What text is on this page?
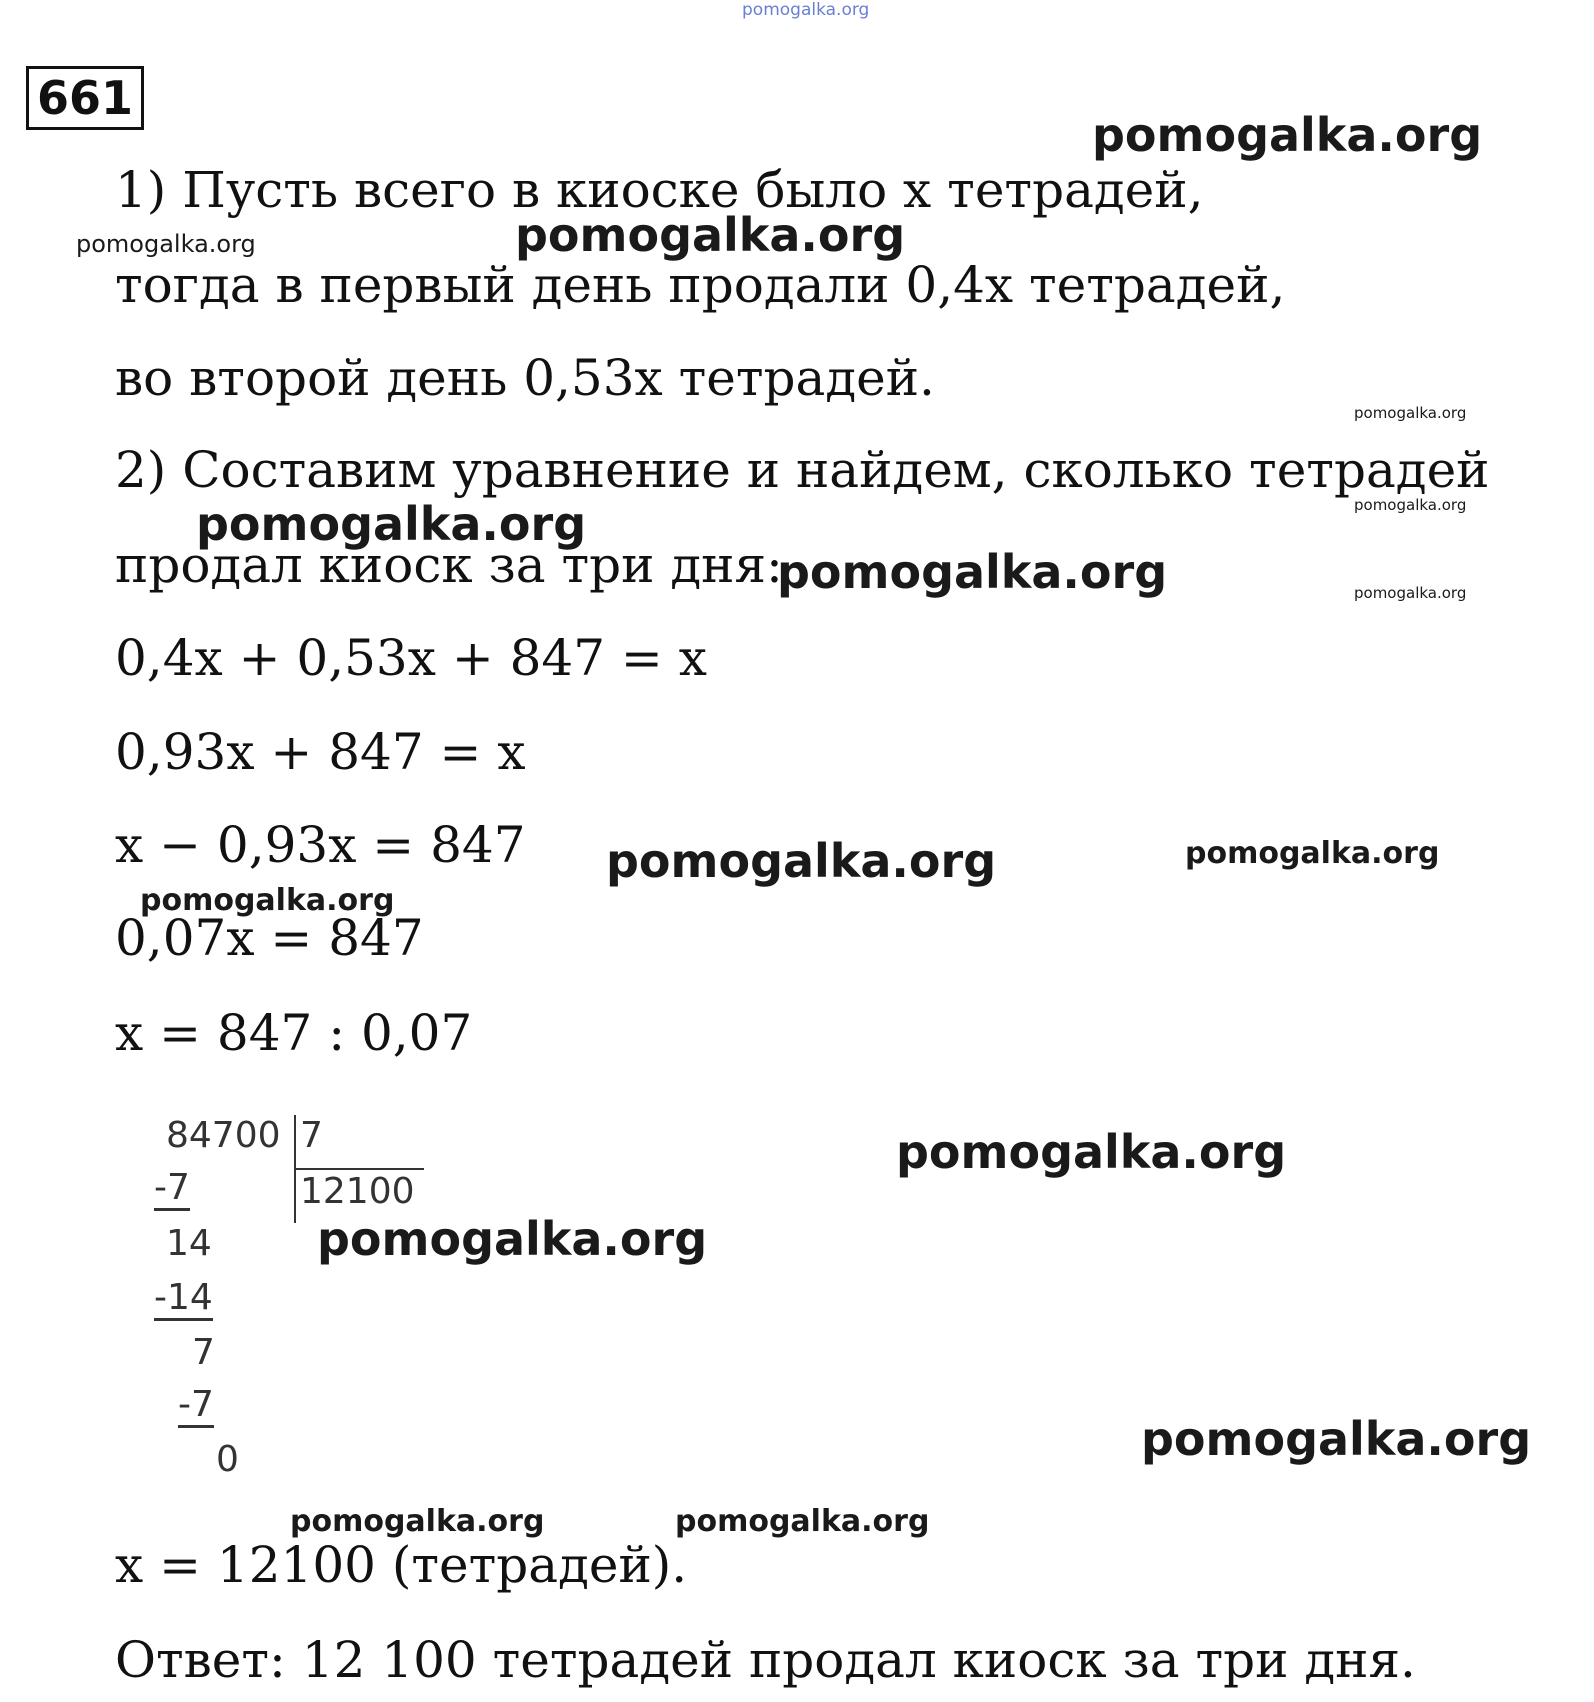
pomogalka.org
661
1) Пусть всего в киоске было x тетрадей,
тогда в первый день продали 0,4x тетрадей,
во второй день 0,53x тетрадей.
2) Составим уравнение и найдем, сколько тетрадей
продал киоск за три дня:
0,4x + 0,53x + 847 = x
0,93x + 847 = x
x − 0,93x = 847
0,07x = 847
x = 847 : 0,07
84700 7
12100
-7
14
-14
7
-7
0
x = 12100 (тетрадей).
Ответ: 12 100 тетрадей продал киоск за три дня.
pomogalka.org
pomogalka.org	pomogalka.org
pomogalka.org
pomogalka.org
pomogalka.org
pomogalka.org	pomogalka.org
pomogalka.org	pomogalka.org
pomogalka.org
pomogalka.org
pomogalka.org
pomogalka.org
pomogalka.org	pomogalka.org
